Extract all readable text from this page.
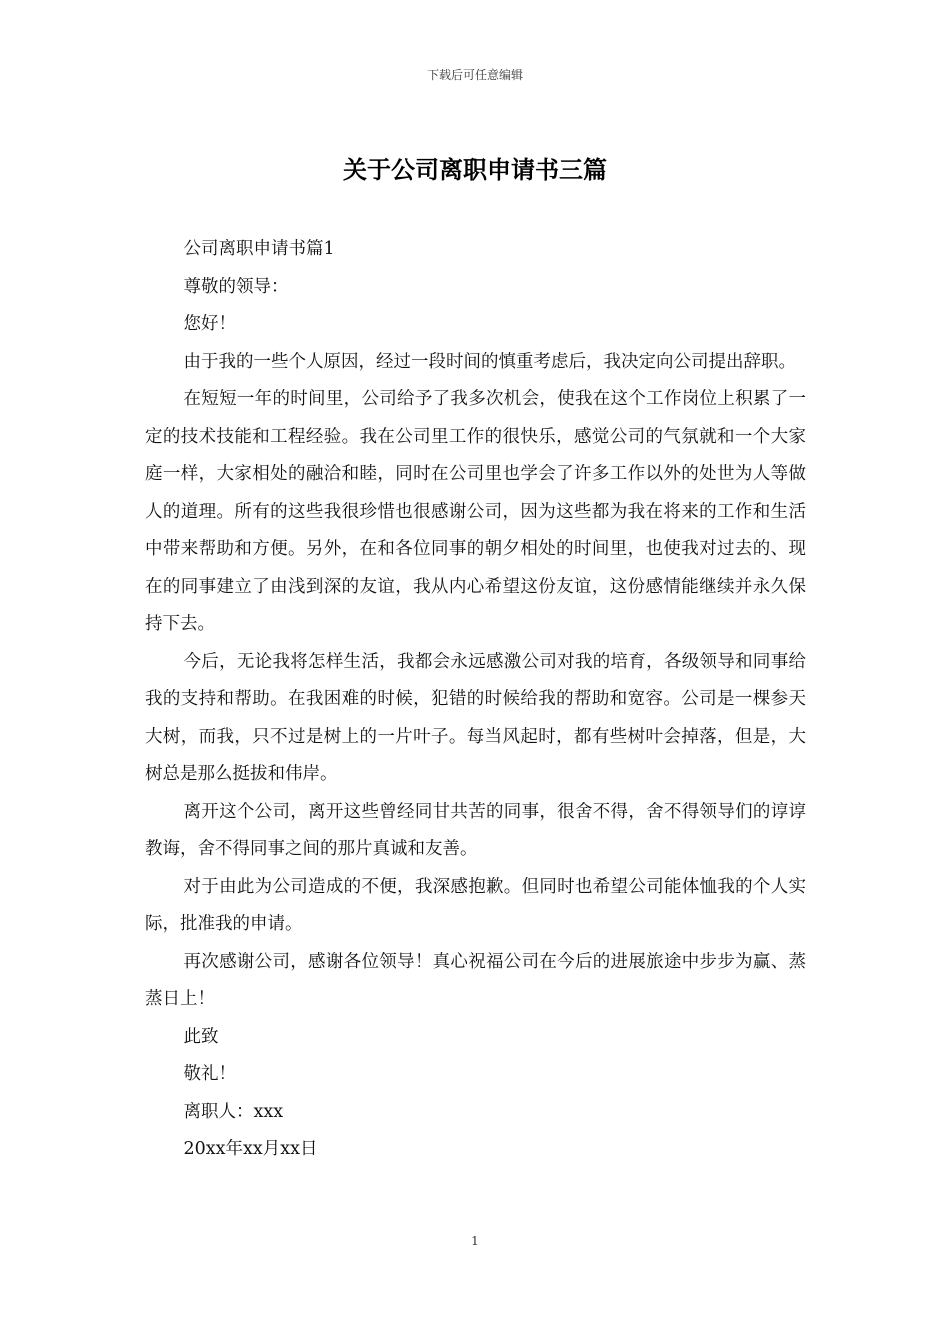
下载后可任意编辑
关于公司离职申请书三篇

公司离职申请书篇1

尊敬的领导：

您好！

由于我的一些个人原因，经过一段时间的慎重考虑后，我决定向公司提出辞职。

在短短一年的时间里，公司给予了我多次机会，使我在这个工作岗位上积累了一定的技术技能和工程经验。我在公司里工作的很快乐，感觉公司的气氛就和一个大家庭一样，大家相处的融洽和睦，同时在公司里也学会了许多工作以外的处世为人等做人的道理。所有的这些我很珍惜也很感谢公司，因为这些都为我在将来的工作和生活中带来帮助和方便。另外，在和各位同事的朝夕相处的时间里，也使我对过去的、现在的同事建立了由浅到深的友谊，我从内心希望这份友谊，这份感情能继续并永久保持下去。

今后，无论我将怎样生活，我都会永远感激公司对我的培育，各级领导和同事给我的支持和帮助。在我困难的时候，犯错的时候给我的帮助和宽容。公司是一棵参天大树，而我，只不过是树上的一片叶子。每当风起时，都有些树叶会掉落，但是，大树总是那么挺拔和伟岸。

离开这个公司，离开这些曾经同甘共苦的同事，很舍不得，舍不得领导们的谆谆教诲，舍不得同事之间的那片真诚和友善。

对于由此为公司造成的不便，我深感抱歉。但同时也希望公司能体恤我的个人实际，批准我的申请。

再次感谢公司，感谢各位领导！真心祝福公司在今后的进展旅途中步步为赢、蒸蒸日上！

此致

敬礼！

离职人：xxx

20xx年xx月xx日

1
